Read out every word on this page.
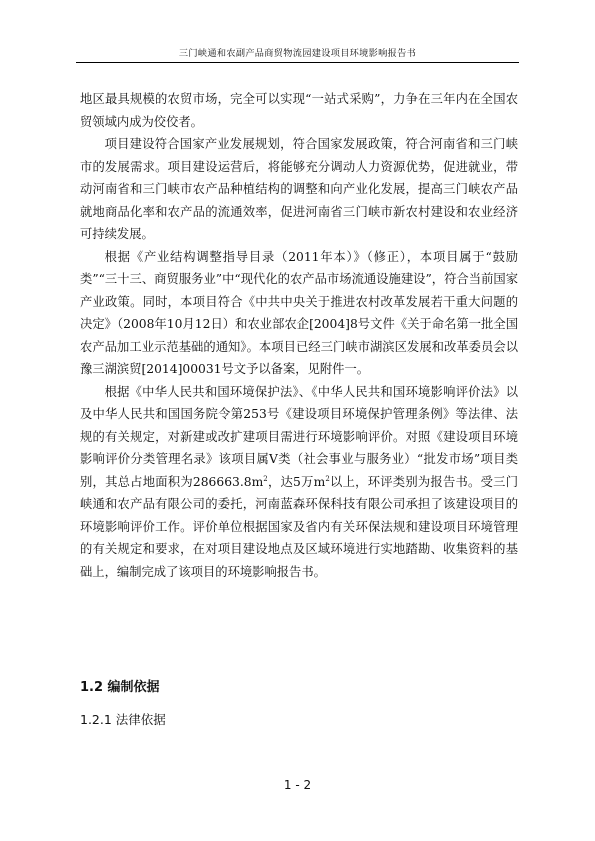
三门峡通和农副产品商贸物流园建设项目环境影响报告书

地区最具规模的农贸市场，完全可以实现“一站式采购”，力争在三年内在全国农贸领域内成为佼佼者。

项目建设符合国家产业发展规划，符合国家发展政策，符合河南省和三门峡市的发展需求。项目建设运营后，将能够充分调动人力资源优势，促进就业，带动河南省和三门峡市农产品种植结构的调整和向产业化发展，提高三门峡农产品就地商品化率和农产品的流通效率，促进河南省三门峡市新农村建设和农业经济可持续发展。

根据《产业结构调整指导目录（2011年本）》（修正），本项目属于“鼓励类”“三十三、商贸服务业”中“现代化的农产品市场流通设施建设”，符合当前国家产业政策。同时，本项目符合《中共中央关于推进农村改革发展若干重大问题的决定》（2008年10月12日）和农业部农企[2004]8号文件《关于命名第一批全国农产品加工业示范基础的通知》。本项目已经三门峡市湖滨区发展和改革委员会以豫三湖滨贸[2014]00031号文予以备案，见附件一。

根据《中华人民共和国环境保护法》、《中华人民共和国环境影响评价法》以及中华人民共和国国务院令第253号《建设项目环境保护管理条例》等法律、法规的有关规定，对新建或改扩建项目需进行环境影响评价。对照《建设项目环境影响评价分类管理名录》该项目属V类（社会事业与服务业）“批发市场”项目类别，其总占地面积为$286663.8m^2$，达5万$m^2$以上，环评类别为报告书。受三门峡通和农产品有限公司的委托，河南蓝森环保科技有限公司承担了该建设项目的环境影响评价工作。评价单位根据国家及省内有关环保法规和建设项目环境管理的有关规定和要求，在对项目建设地点及区域环境进行实地踏勘、收集资料的基础上，编制完成了该项目的环境影响报告书。

1.2 编制依据
1.2.1 法律依据
1 - 2
